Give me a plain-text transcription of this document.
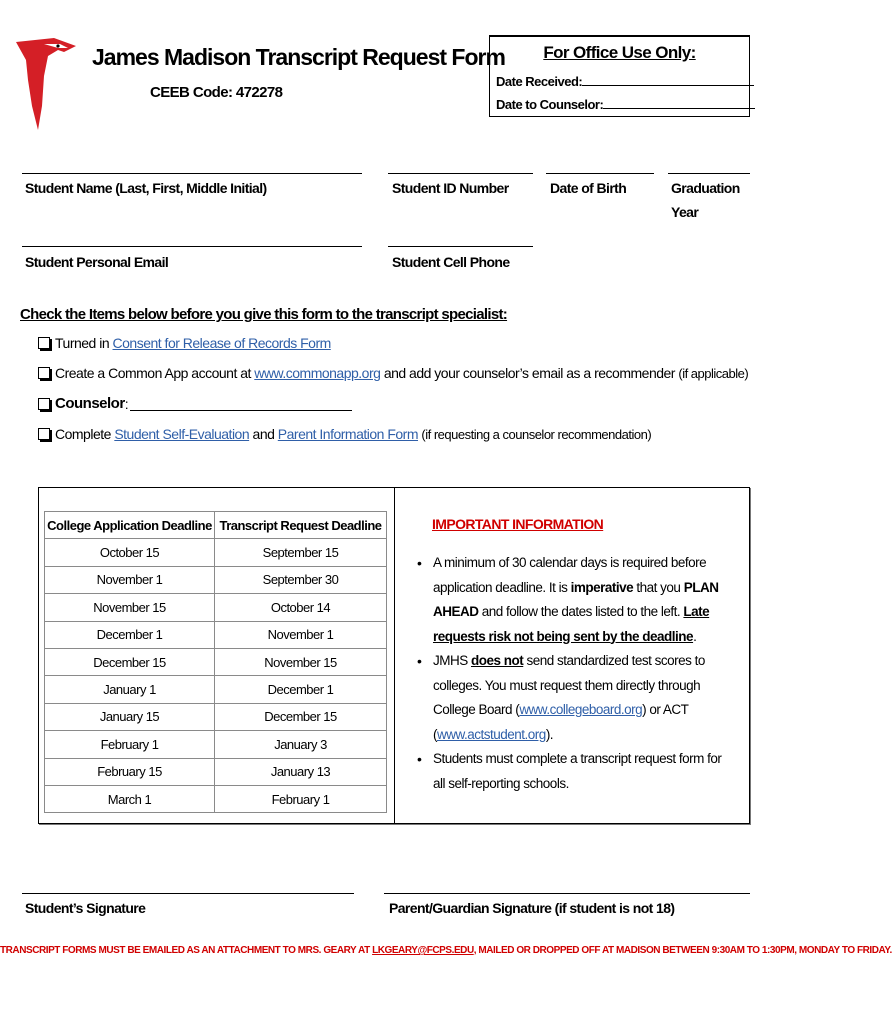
James Madison Transcript Request Form
CEEB Code: 472278
For Office Use Only:
Date Received:
Date to Counselor:
Student Name (Last, First, Middle Initial)	Student ID Number	Date of Birth	Graduation
Year
Student Personal Email	Student Cell Phone
Check the Items below before you give this form to the transcript specialist:
Turned in
Consent for Release of Records Form
Create a Common App account at
www.commonapp.org
and add your counselor’s email as a recommender
(if applicable)
Counselor :
Complete
Student Self-Evaluation
and
Parent Information Form
(if requesting a counselor recommendation)
College Application Deadline	Transcript Request Deadline
October 15	September 15
November 1	September 30
November 15	October 14
December 1	November 1
December 15	November 15
January 1	December 1
January 15	December 15
February 1	January 3
February 15	January 13
March 1	February 1
IMPORTANT INFORMATION
• A minimum of 30 calendar days is required before application deadline. It is imperative that you PLAN AHEAD and follow the dates listed to the left. Late requests risk not being sent by the deadline.
• JMHS does not send standardized test scores to colleges. You must request them directly through College Board (www.collegeboard.org) or ACT (www.actstudent.org).
• Students must complete a transcript request form for all self-reporting schools.
Student’s Signature	Parent/Guardian Signature (if student is not 18)
TRANSCRIPT FORMS MUST BE EMAILED AS AN ATTACHMENT TO MRS. GEARY AT LKGEARY@FCPS.EDU, MAILED OR DROPPED OFF AT MADISON BETWEEN 9:30AM TO 1:30PM, MONDAY TO FRIDAY.
